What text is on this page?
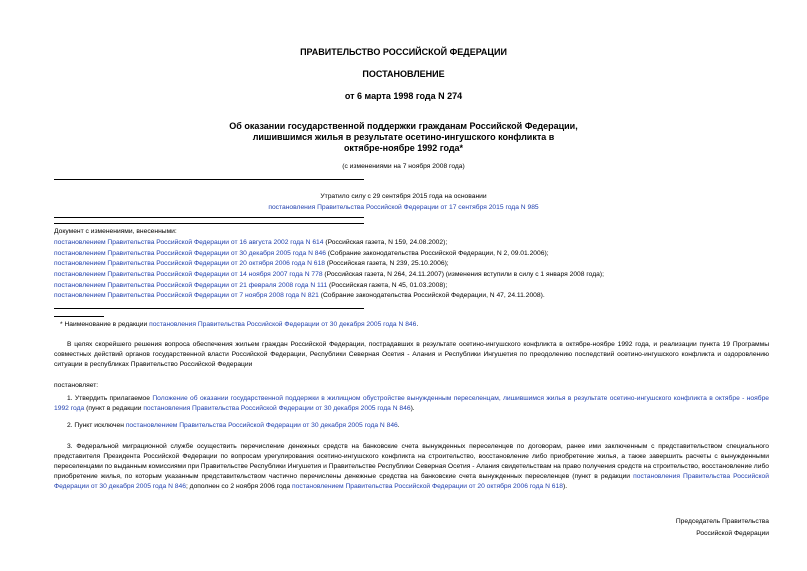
ПРАВИТЕЛЬСТВО РОССИЙСКОЙ ФЕДЕРАЦИИ
ПОСТАНОВЛЕНИЕ
от 6 марта 1998 года N 274
Об оказании государственной поддержки гражданам Российской Федерации,
лишившимся жилья в результате осетино-ингушского конфликта в
октябре-ноябре 1992 года*
(с изменениями на 7 ноября 2008 года)
Утратило силу с 29 сентября 2015 года на основании
постановления Правительства Российской Федерации от 17 сентября 2015 года N 985
Документ с изменениями, внесенными:
постановлением Правительства Российской Федерации от 16 августа 2002 года N 614 (Российская газета, N 159, 24.08.2002);
постановлением Правительства Российской Федерации от 30 декабря 2005 года N 846 (Собрание законодательства Российской Федерации, N 2, 09.01.2006);
постановлением Правительства Российской Федерации от 20 октября 2006 года N 618 (Российская газета, N 239, 25.10.2006);
постановлением Правительства Российской Федерации от 14 ноября 2007 года N 778 (Российская газета, N 264, 24.11.2007) (изменения вступили в силу с 1 января 2008 года);
постановлением Правительства Российской Федерации от 21 февраля 2008 года N 111 (Российская газета, N 45, 01.03.2008);
постановлением Правительства Российской Федерации от 7 ноября 2008 года N 821 (Собрание законодательства Российской Федерации, N 47, 24.11.2008).
* Наименование в редакции постановления Правительства Российской Федерации от 30 декабря 2005 года N 846.
В целях скорейшего решения вопроса обеспечения жильем граждан Российской Федерации, пострадавших в результате осетино-ингушского конфликта в октябре-ноябре 1992 года, и реализации пункта 19 Программы совместных действий органов государственной власти Российской Федерации, Республики Северная Осетия - Алания и Республики Ингушетия по преодолению последствий осетино-ингушского конфликта и оздоровлению ситуации в республиках Правительство Российской Федерации
постановляет:
1. Утвердить прилагаемое Положение об оказании государственной поддержки в жилищном обустройстве вынужденным переселенцам, лишившимся жилья в результате осетино-ингушского конфликта в октябре - ноябре 1992 года (пункт в редакции постановления Правительства Российской Федерации от 30 декабря 2005 года N 846).
2. Пункт исключен постановлением Правительства Российской Федерации от 30 декабря 2005 года N 846.
3. Федеральной миграционной службе осуществить перечисление денежных средств на банковские счета вынужденных переселенцев по договорам, ранее ими заключенным с представительством специального представителя Президента Российской Федерации по вопросам урегулирования осетино-ингушского конфликта на строительство, восстановление либо приобретение жилья, а также завершить расчеты с вынужденными переселенцами по выданным комиссиями при Правительстве Республики Ингушетия и Правительстве Республики Северная Осетия - Алания свидетельствам на право получения средств на строительство, восстановление либо приобретение жилья, по которым указанным представительством частично перечислены денежные средства на банковские счета вынужденных переселенцев (пункт в редакции постановления Правительства Российской Федерации от 30 декабря 2005 года N 846; дополнен со 2 ноября 2006 года постановлением Правительства Российской Федерации от 20 октября 2006 года N 618).
Председатель Правительства
Российской Федерации
